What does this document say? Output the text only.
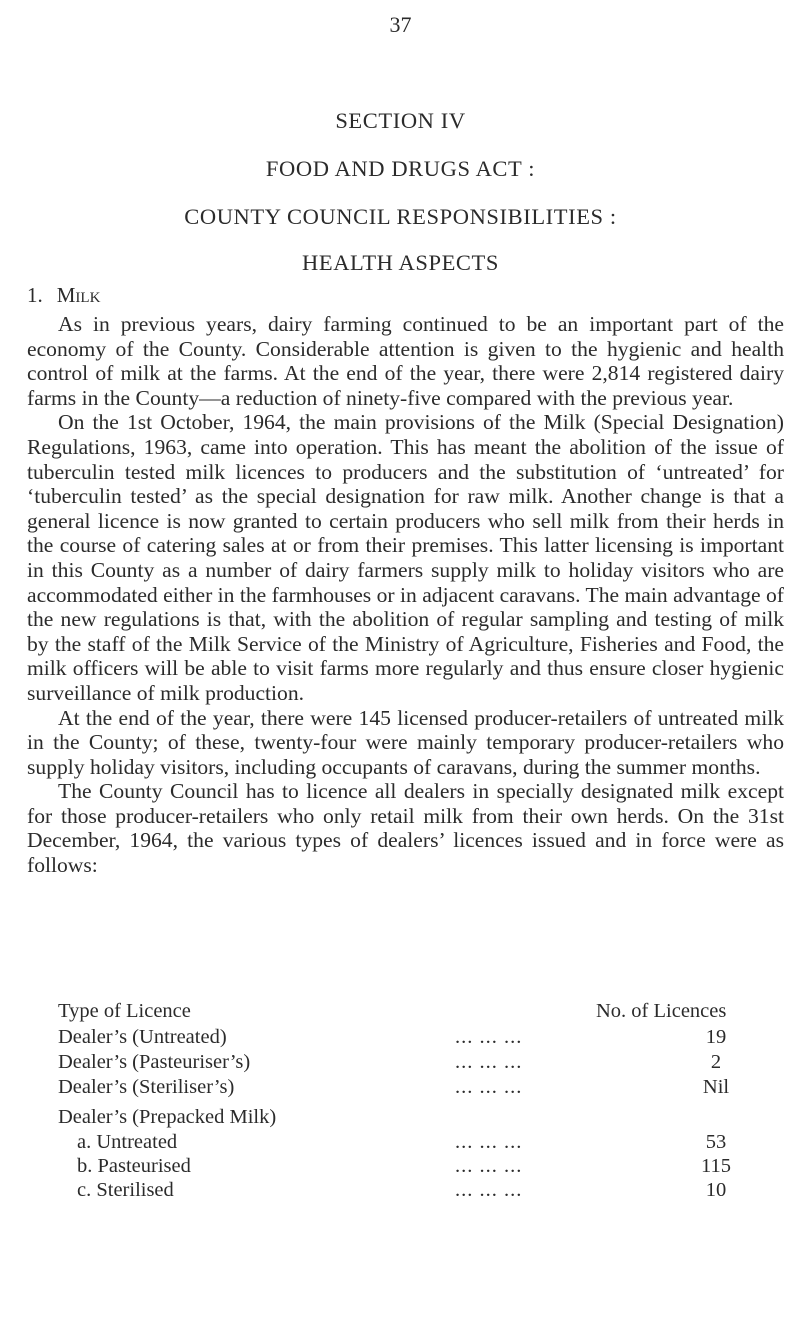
37
SECTION IV
FOOD AND DRUGS ACT :
COUNTY COUNCIL RESPONSIBILITIES :
HEALTH ASPECTS
1. Milk

As in previous years, dairy farming continued to be an important part of the economy of the County. Considerable attention is given to the hygienic and health control of milk at the farms. At the end of the year, there were 2,814 registered dairy farms in the County—a reduction of ninety-five compared with the previous year.

On the 1st October, 1964, the main provisions of the Milk (Special Designation) Regulations, 1963, came into operation. This has meant the abolition of the issue of tuberculin tested milk licences to producers and the substitution of ‘untreated’ for ‘tuberculin tested’ as the special designation for raw milk. Another change is that a general licence is now granted to certain producers who sell milk from their herds in the course of catering sales at or from their premises. This latter licensing is important in this County as a number of dairy farmers supply milk to holiday visitors who are accommodated either in the farmhouses or in adjacent caravans. The main advantage of the new regulations is that, with the abolition of regular sampling and testing of milk by the staff of the Milk Service of the Ministry of Agriculture, Fisheries and Food, the milk officers will be able to visit farms more regularly and thus ensure closer hygienic surveillance of milk production.

At the end of the year, there were 145 licensed producer-retailers of untreated milk in the County; of these, twenty-four were mainly temporary producer-retailers who supply holiday visitors, including occupants of caravans, during the summer months.

The County Council has to licence all dealers in specially designated milk except for those producer-retailers who only retail milk from their own herds. On the 31st December, 1964, the various types of dealers’ licences issued and in force were as follows:

Type of Licence	No. of Licences
Dealer’s (Untreated)	... ... ...	19
Dealer’s (Pasteuriser’s)	... ... ...	2
Dealer’s (Steriliser’s)	... ... ...	Nil
Dealer’s (Prepacked Milk)
a. Untreated	... ... ...	53
b. Pasteurised	... ... ...	115
c. Sterilised	... ... ...	10
